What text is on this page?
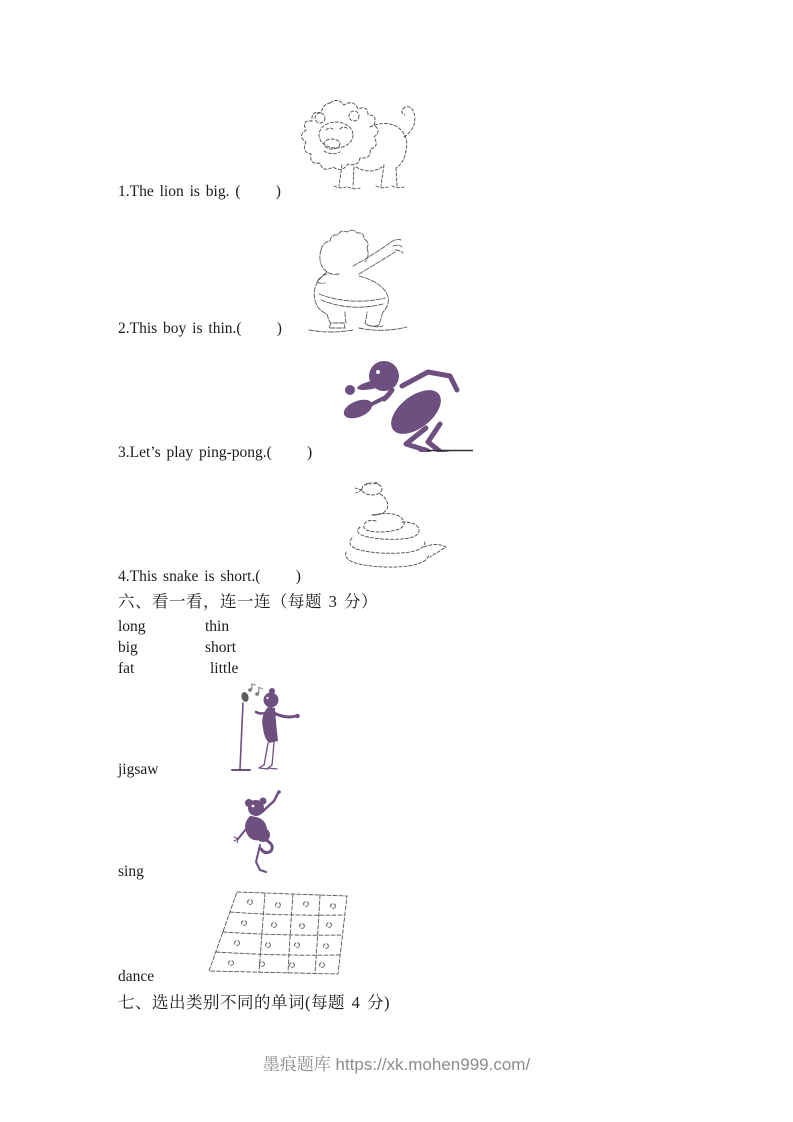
1.The lion is big. (      )
2.This boy is thin.(      )
3.Let’s play ping-pong.(      )
4.This snake is short.(      )
六、看一看，连一连（每题 3 分）
long	thin
big	short
fat	little
jigsaw
sing
dance
七、选出类别不同的单词(每题 4 分)
墨痕题库 https://xk.mohen999.com/
